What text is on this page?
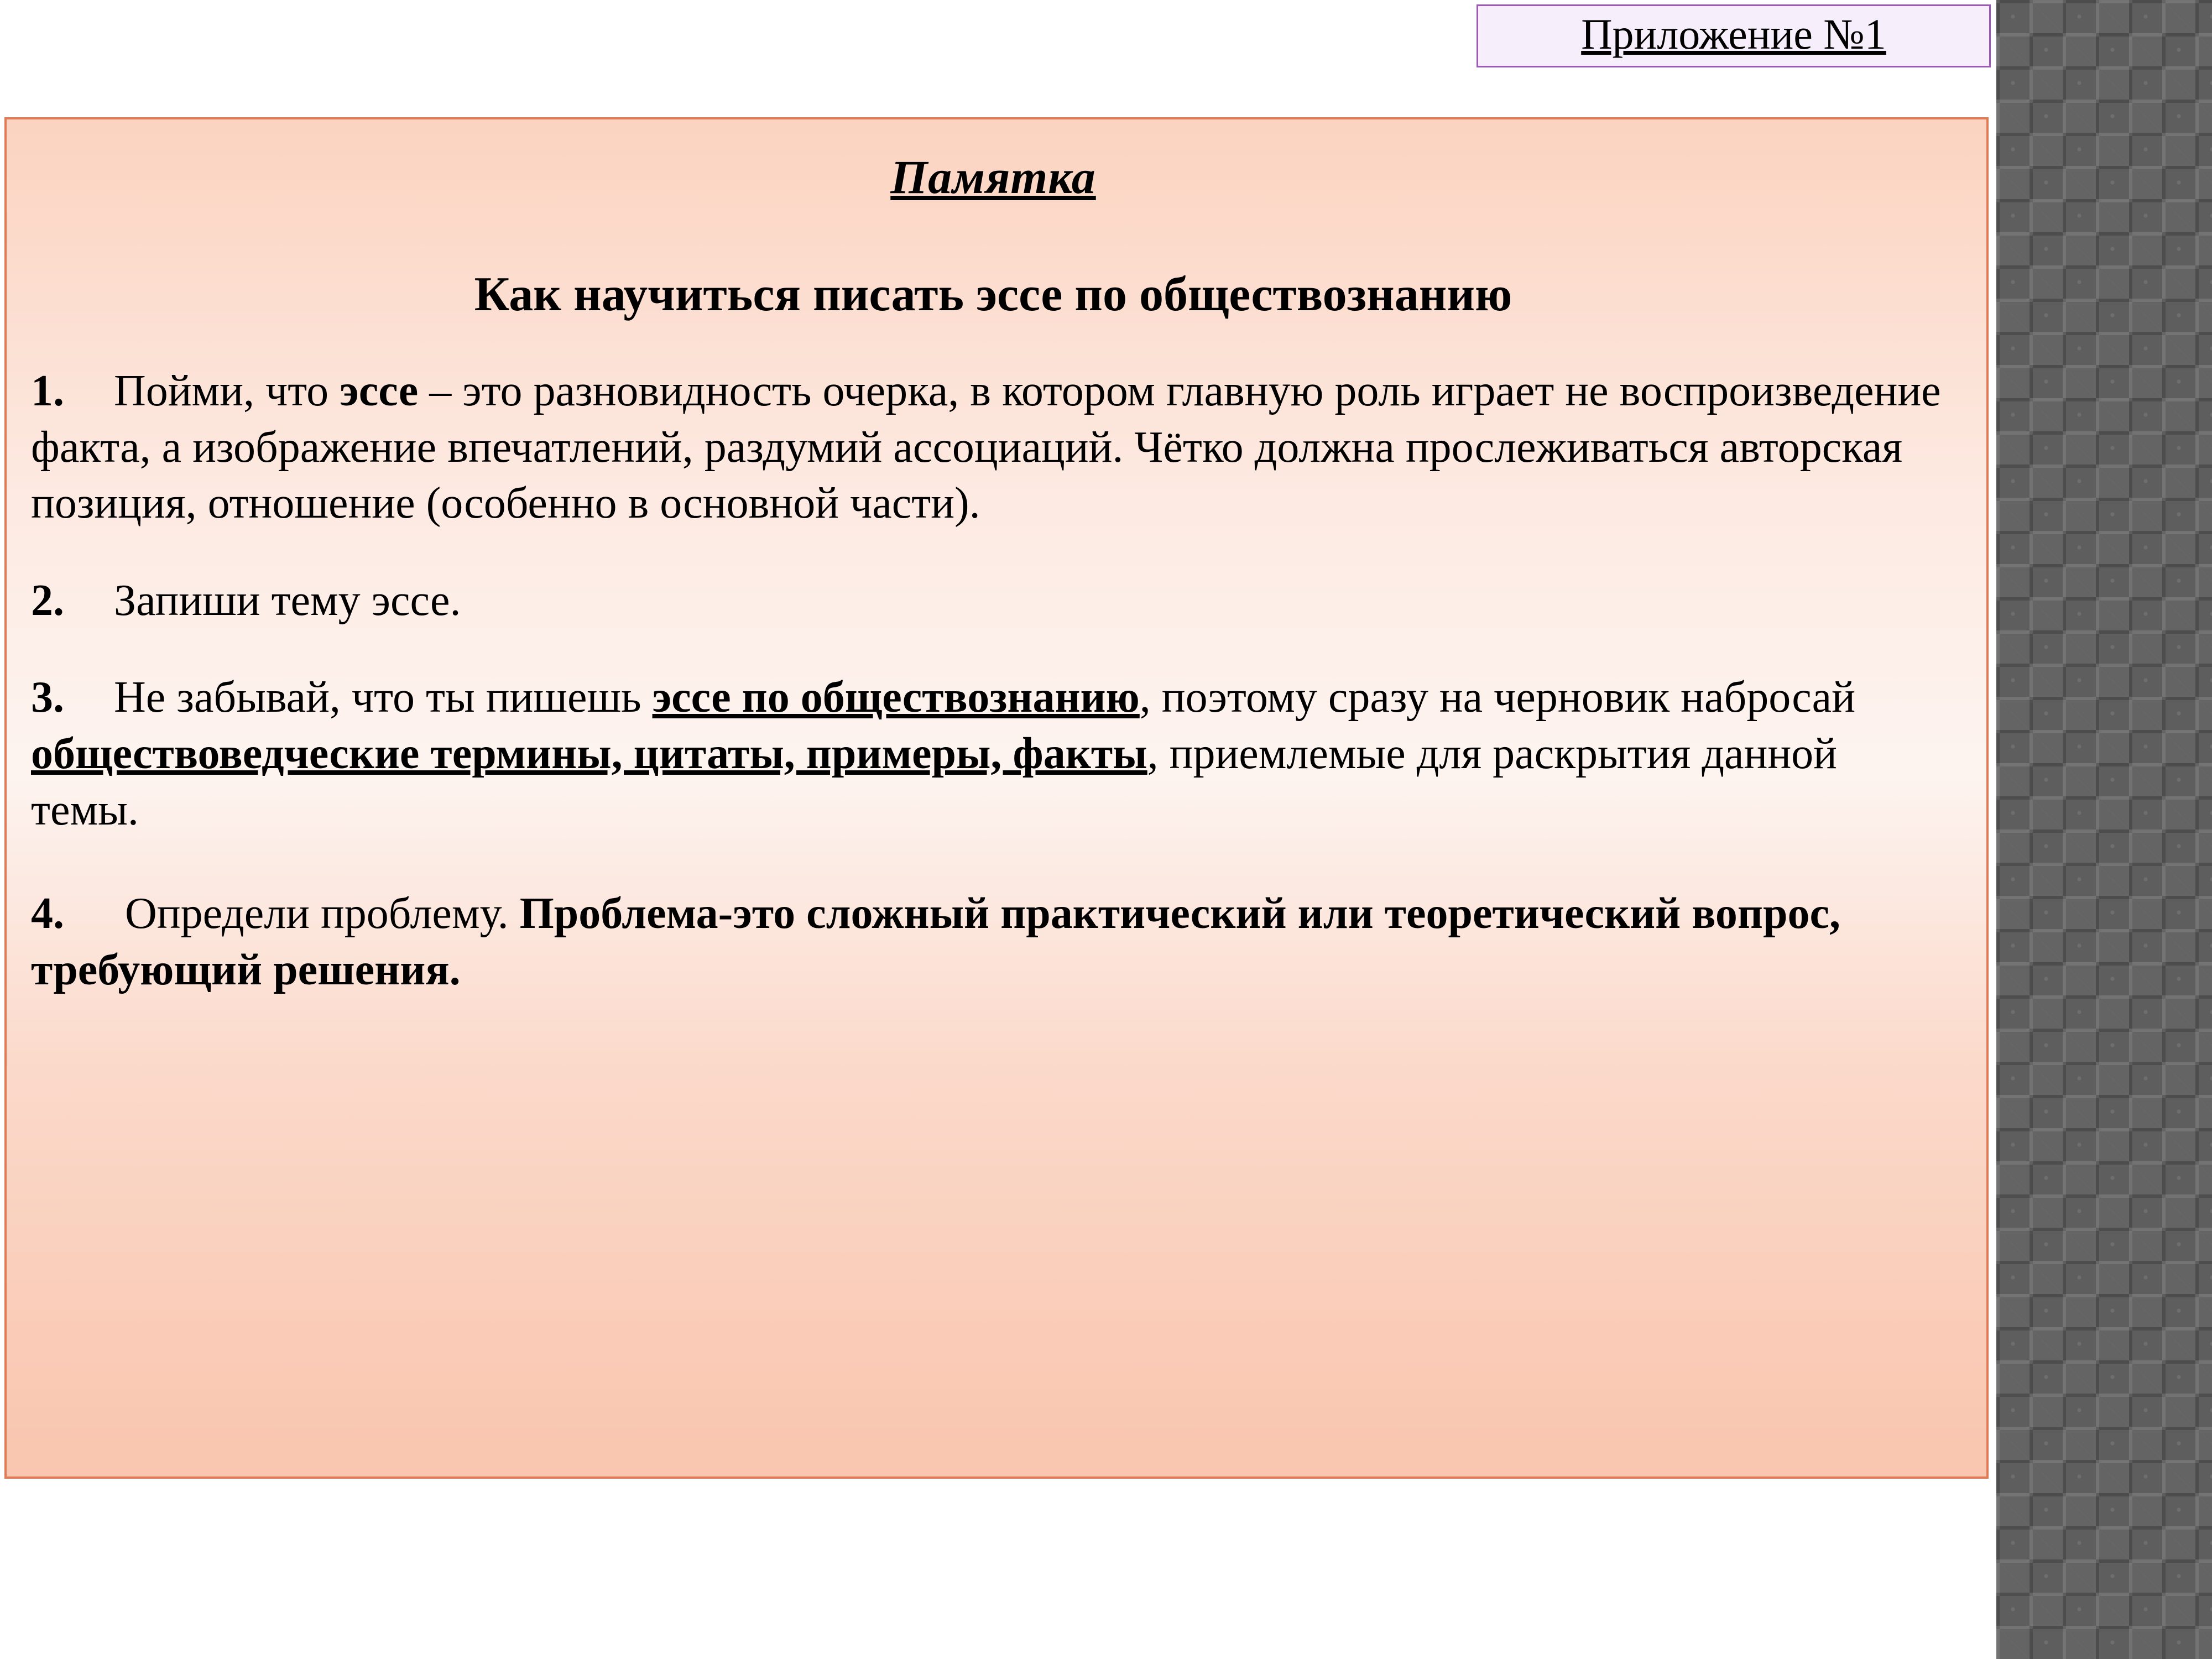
Приложение №1
Памятка
Как научиться писать эссе по обществознанию

1. Пойми, что эссе – это разновидность очерка, в котором главную роль играет не воспроизведение факта, а изображение впечатлений, раздумий ассоциаций. Чётко должна прослеживаться авторская позиция, отношение (особенно в основной части).

2. Запиши тему эссе.

3. Не забывай, что ты пишешь эссе по обществознанию, поэтому сразу на черновик набросай обществоведческие термины, цитаты, примеры, факты, приемлемые для раскрытия данной темы.

4. Определи проблему. Проблема-это сложный практический или теоретический вопрос, требующий решения.
